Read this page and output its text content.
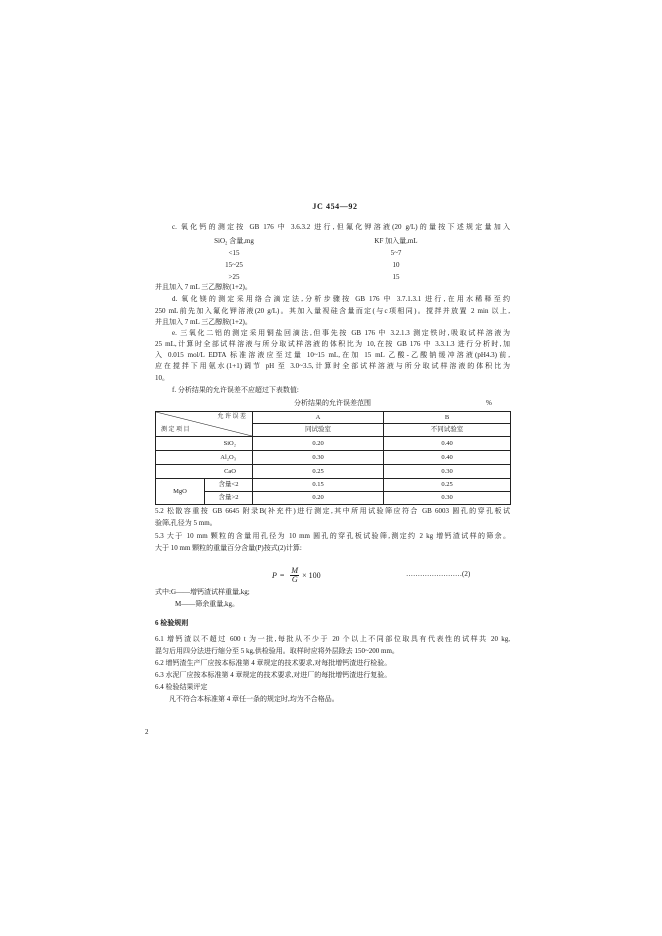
JC 454—92
c. 氧化钙的测定按 GB 176 中 3.6.3.2 进行,但氟化钾溶液(20 g/L)的量按下述规定量加入
SiO₂ 含量,mg		KF 加入量,mL
<15		5~7
15~25		10
>25		15
并且加入 7 mL 三乙醇胺(1+2)。
d. 氧化镁的测定采用络合滴定法,分析步骤按 GB 176 中 3.7.1.3.1 进行,在用水稀释至约
250 mL前先加入氟化钾溶液(20 g/L)。其加入量视硅含量而定(与c项相同)。搅拌并放置 2 min 以上,
并且加入 7 mL 三乙醇胺(1+2)。
e. 三氧化二铝的测定采用铜盐回滴法,但事先按 GB 176 中 3.2.1.3 测定铁时,吸取试样溶液为
25 mL,计算时全部试样溶液与所分取试样溶液的体积比为 10,在按 GB 176 中 3.3.1.3 进行分析时,加
入 0.015 mol/L EDTA 标准溶液应至过量 10~15 mL,在加 15 mL 乙酸-乙酸钠缓冲溶液(pH4.3)前,
应在搅拌下用氨水(1+1)调节 pH 至 3.0~3.5,计算时全部试样溶液与所分取试样溶液的体积比为
10。
f. 分析结果的允许误差不应超过下表数值:
分析结果的允许误差范围	%
允 许 误 差
测 定 项 目		A	B
		同试验室	不同试验室
SiO₂		0.20	0.40
Al₂O₃		0.30	0.40
CaO		0.25	0.30
MgO	含量<2	0.15	0.25
	含量>2	0.20	0.30
5.2 松散容重按 GB 6645 附录B(补充件)进行测定,其中所用试验筛应符合 GB 6003 圆孔的穿孔板试
验筛,孔径为 5 mm。
5.3 大于 10 mm 颗粒的含量用孔径为 10 mm 圆孔的穿孔板试验筛,测定约 2 kg 增钙渣试样的筛余。
大于 10 mm 颗粒的重量百分含量(P)按式(2)计算:
$P = \frac{M}{G} \times 100$	……………………(2)
式中:G——增钙渣试样重量,kg;
M——筛余重量,kg。
6 检验规则
6.1 增钙渣以不超过 600 t 为一批,每批从不少于 20 个以上不同部位取具有代表性的试样共 20 kg,
混匀后用四分法进行缩分至 5 kg,供检验用。取样时应将外层除去 150~200 mm。
6.2 增钙渣生产厂应按本标准第 4 章规定的技术要求,对每批增钙渣进行检验。
6.3 水泥厂应按本标准第 4 章规定的技术要求,对进厂的每批增钙渣进行复验。
6.4 检验结果评定
凡不符合本标准第 4 章任一条的规定时,均为不合格品。
2
